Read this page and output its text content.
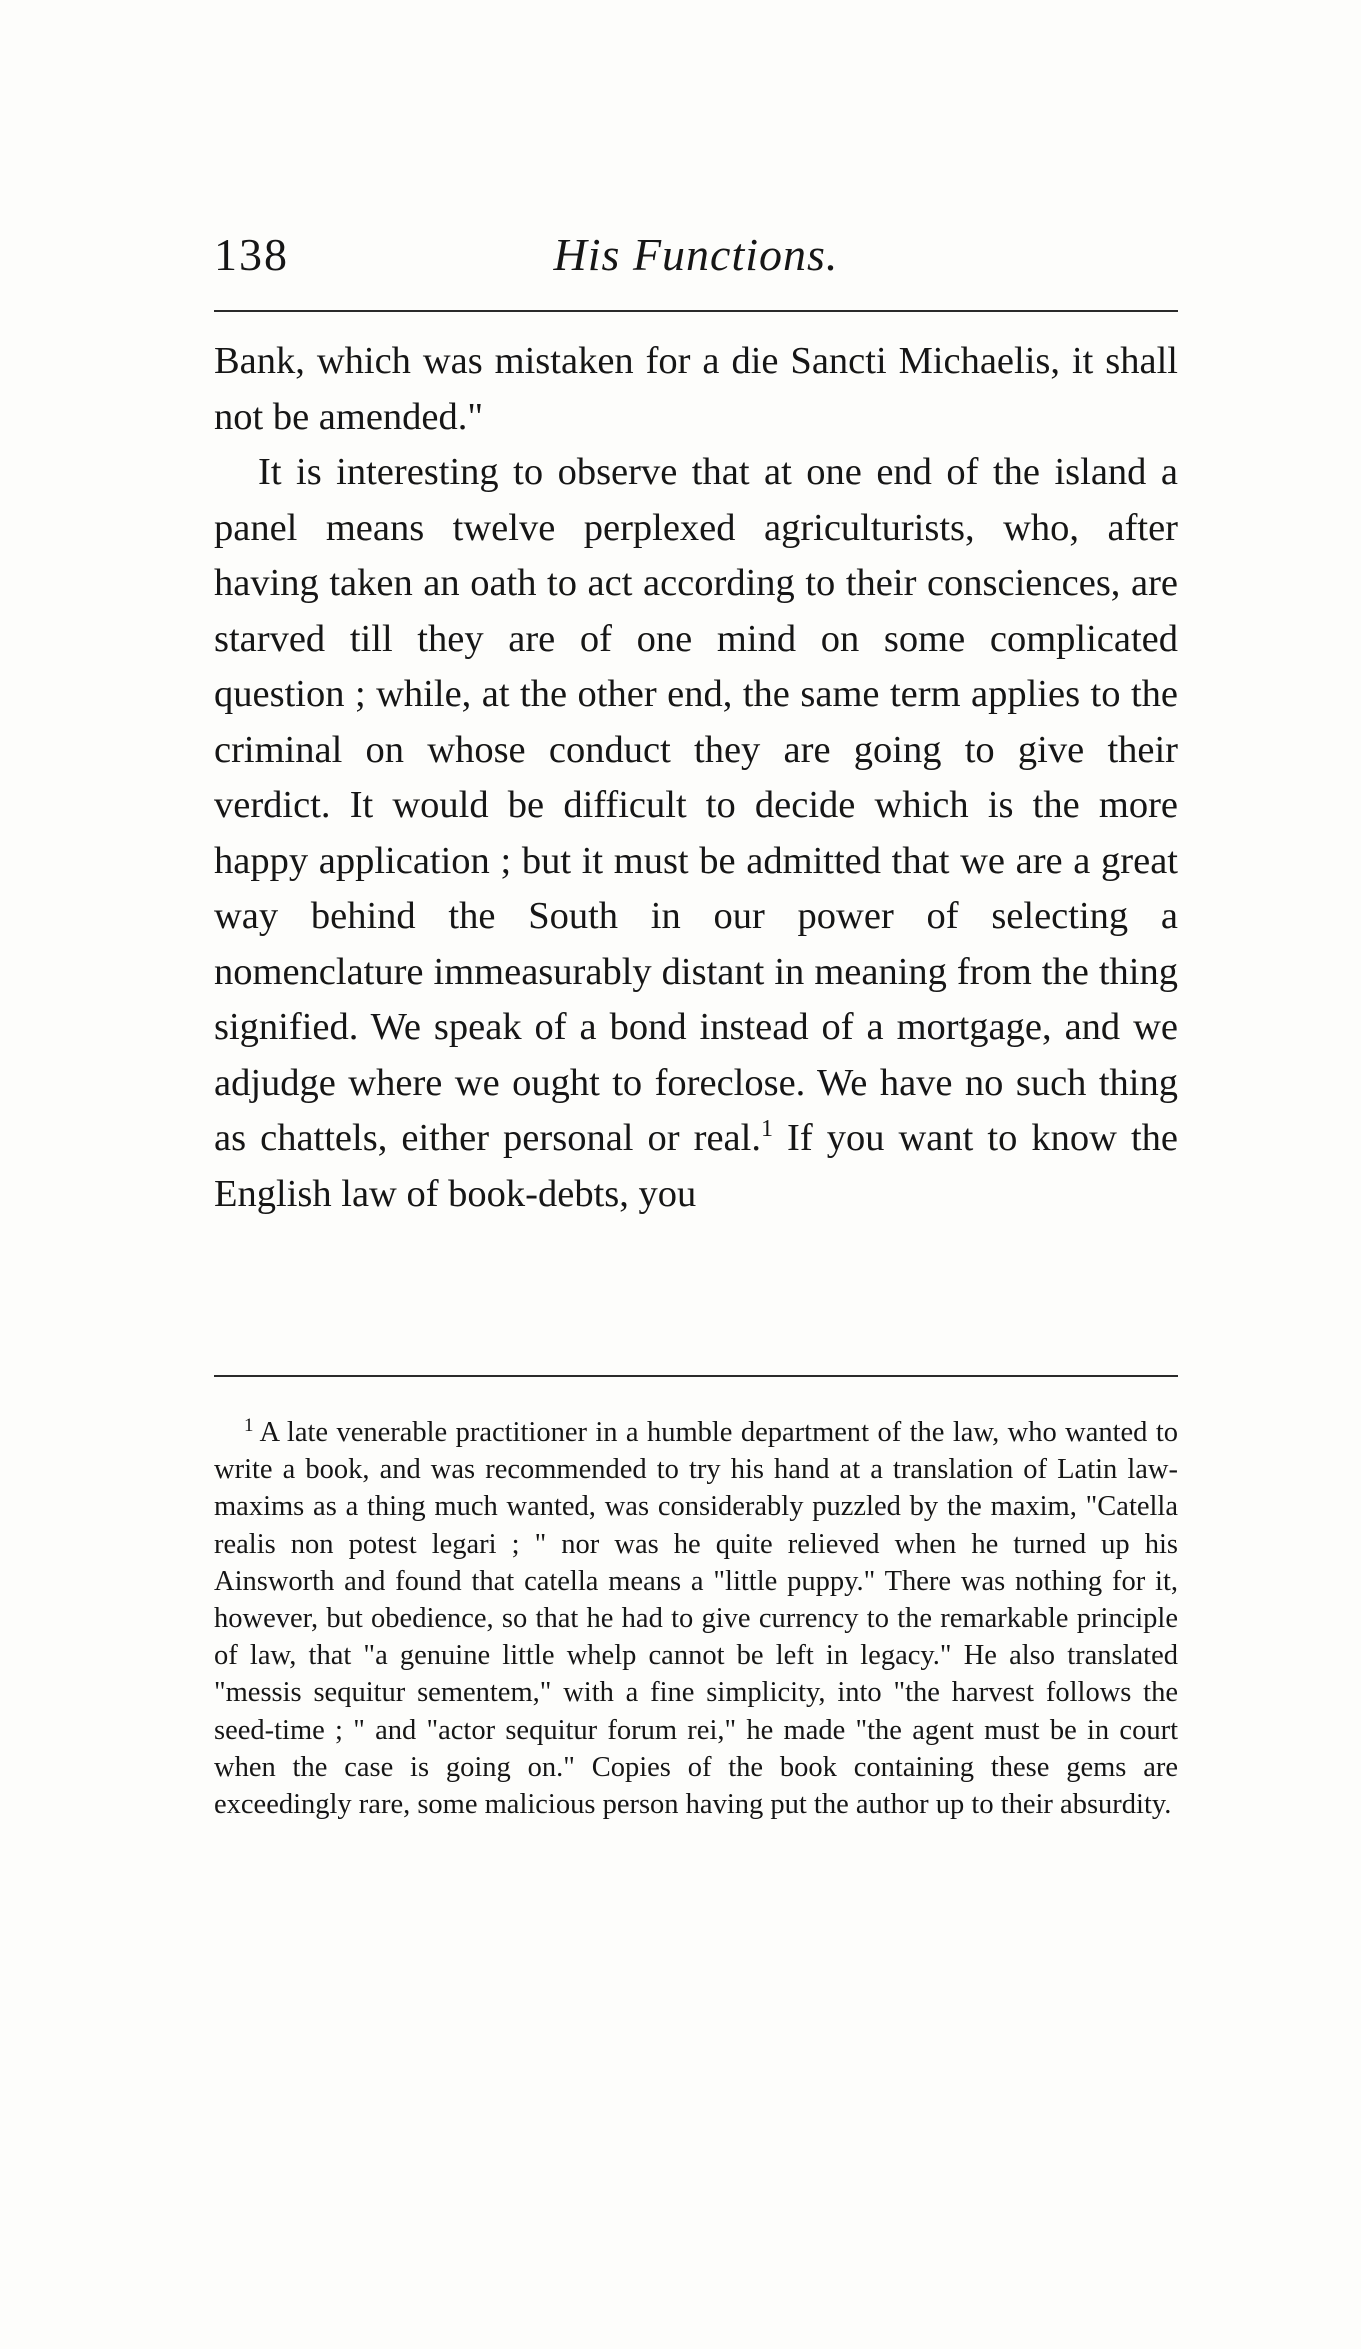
138	His Functions.

Bank, which was mistaken for a die Sancti Michaelis, it shall not be amended."

It is interesting to observe that at one end of the island a panel means twelve perplexed agriculturists, who, after having taken an oath to act according to their consciences, are starved till they are of one mind on some complicated question ; while, at the other end, the same term applies to the criminal on whose conduct they are going to give their verdict. It would be difficult to decide which is the more happy application ; but it must be admitted that we are a great way behind the South in our power of selecting a nomenclature immeasurably distant in meaning from the thing signified. We speak of a bond instead of a mortgage, and we adjudge where we ought to foreclose. We have no such thing as chattels, either personal or real.$^1$ If you want to know the English law of book-debts, you

$^1$ A late venerable practitioner in a humble department of the law, who wanted to write a book, and was recommended to try his hand at a translation of Latin law-maxims as a thing much wanted, was considerably puzzled by the maxim, "Catella realis non potest legari ; " nor was he quite relieved when he turned up his Ainsworth and found that catella means a "little puppy." There was nothing for it, however, but obedience, so that he had to give currency to the remarkable principle of law, that "a genuine little whelp cannot be left in legacy." He also translated "messis sequitur sementem," with a fine simplicity, into "the harvest follows the seed-time ; " and "actor sequitur forum rei," he made "the agent must be in court when the case is going on." Copies of the book containing these gems are exceedingly rare, some malicious person having put the author up to their absurdity.
